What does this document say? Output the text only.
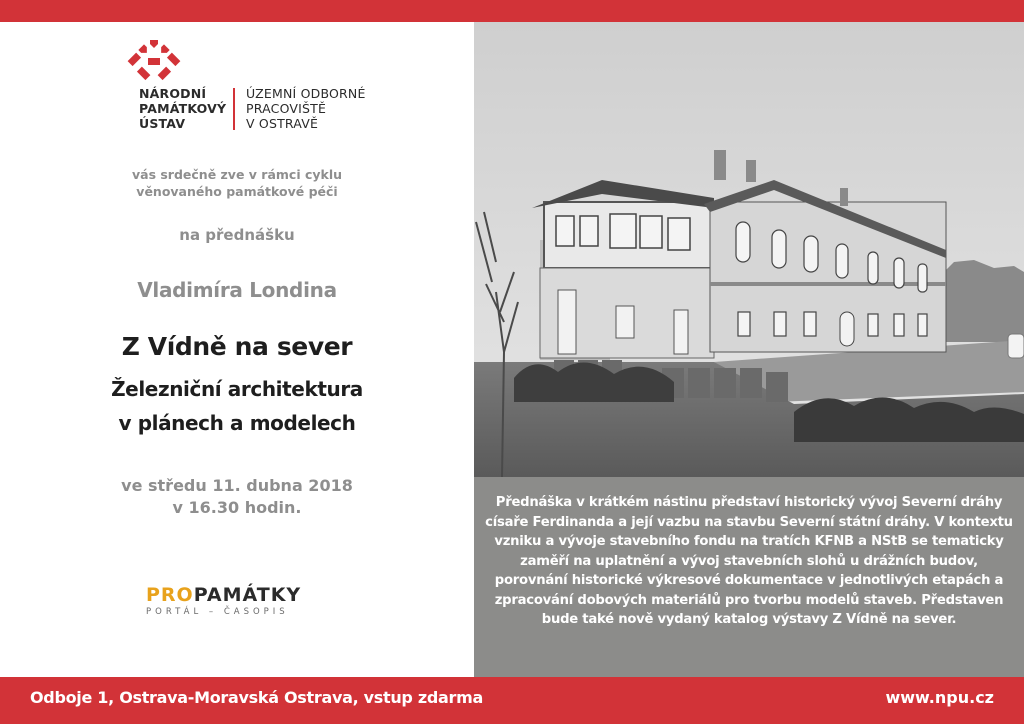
NÁRODNÍ
PAMÁTKOVÝ
ÚSTAV
ÚZEMNÍ ODBORNÉ
PRACOVIŠTĚ
V OSTRAVĚ
vás srdečně zve v rámci cyklu
věnovaného památkové péči
na přednášku
Vladimíra Londina
Z Vídně na sever
Železniční architektura
v plánech a modelech
ve středu 11. dubna 2018
v 16.30 hodin.
PROPAMÁTKY
PORTÁL – ČASOPIS
Přednáška v krátkém nástinu představí historický vývoj Severní dráhy císaře Ferdinanda a její vazbu na stavbu Severní státní dráhy. V kontextu vzniku a vývoje stavebního fondu na tratích KFNB a NStB se tematicky zaměří na uplatnění a vývoj stavebních slohů u drážních budov, porovnání historické výkresové dokumentace v jednotlivých etapách a zpracování dobových materiálů pro tvorbu modelů staveb. Představen bude také nově vydaný katalog výstavy Z Vídně na sever.
Odboje 1, Ostrava-Moravská Ostrava, vstup zdarma	www.npu.cz
